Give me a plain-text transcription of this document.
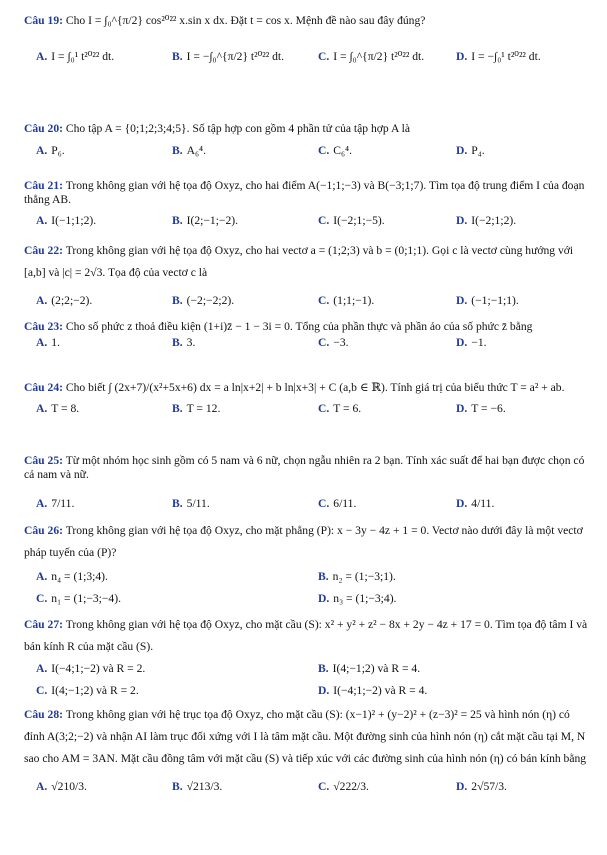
Câu 19: Cho I = ∫₀^{π/2} cos²⁰²² x.sin x dx. Đặt t = cos x. Mệnh đề nào sau đây đúng?

A. I = ∫₀¹ t²⁰²² dt.	B. I = −∫₀^{π/2} t²⁰²² dt.	C. I = ∫₀^{π/2} t²⁰²² dt.	D. I = −∫₀¹ t²⁰²² dt.

Câu 20: Cho tập A = {0;1;2;3;4;5}. Số tập hợp con gồm 4 phần tử của tập hợp A là

A. P₆.	B. A₆⁴.	C. C₆⁴.	D. P₄.

Câu 21: Trong không gian với hệ tọa độ Oxyz, cho hai điểm A(−1;1;−3) và B(−3;1;7). Tìm tọa độ trung điểm I của đoạn thẳng AB.

A. I(−1;1;2).	B. I(2;−1;−2).	C. I(−2;1;−5).	D. I(−2;1;2).

Câu 22: Trong không gian với hệ tọa độ Oxyz, cho hai vectơ a = (1;2;3) và b = (0;1;1). Gọi c là vectơ cùng hướng với [a,b] và |c| = 2√3. Tọa độ của vectơ c là

A. (2;2;−2).	B. (−2;−2;2).	C. (1;1;−1).	D. (−1;−1;1).

Câu 23: Cho số phức z thoả điều kiện (1+i)z̄ − 1 − 3i = 0. Tổng của phần thực và phần ảo của số phức z̄ bằng

A. 1.	B. 3.	C. −3.	D. −1.

Câu 24: Cho biết ∫ (2x+7)/(x²+5x+6) dx = a ln|x+2| + b ln|x+3| + C (a,b ∈ ℝ). Tính giá trị của biểu thức T = a² + ab.

A. T = 8.	B. T = 12.	C. T = 6.	D. T = −6.

Câu 25: Từ một nhóm học sinh gồm có 5 nam và 6 nữ, chọn ngẫu nhiên ra 2 bạn. Tính xác suất để hai bạn được chọn có cả nam và nữ.

A. 7/11.	B. 5/11.	C. 6/11.	D. 4/11.

Câu 26: Trong không gian với hệ tọa độ Oxyz, cho mặt phẳng (P): x − 3y − 4z + 1 = 0. Vectơ nào dưới đây là một vectơ pháp tuyến của (P)?

A. n₄ = (1;3;4).	B. n₂ = (1;−3;1).
C. n₁ = (1;−3;−4).	D. n₃ = (1;−3;4).

Câu 27: Trong không gian với hệ tọa độ Oxyz, cho mặt cầu (S): x² + y² + z² − 8x + 2y − 4z + 17 = 0. Tìm tọa độ tâm I và bán kính R của mặt cầu (S).

A. I(−4;1;−2) và R = 2.	B. I(4;−1;2) và R = 4.
C. I(4;−1;2) và R = 2.	D. I(−4;1;−2) và R = 4.

Câu 28: Trong không gian với hệ trục tọa độ Oxyz, cho mặt cầu (S): (x−1)² + (y−2)² + (z−3)² = 25 và hình nón (η) có đỉnh A(3;2;−2) và nhận AI làm trục đối xứng với I là tâm mặt cầu. Một đường sinh của hình nón (η) cắt mặt cầu tại M, N sao cho AM = 3AN. Mặt cầu đồng tâm với mặt cầu (S) và tiếp xúc với các đường sinh của hình nón (η) có bán kính bằng

A. √210/3.	B. √213/3.	C. √222/3.	D. 2√57/3.
